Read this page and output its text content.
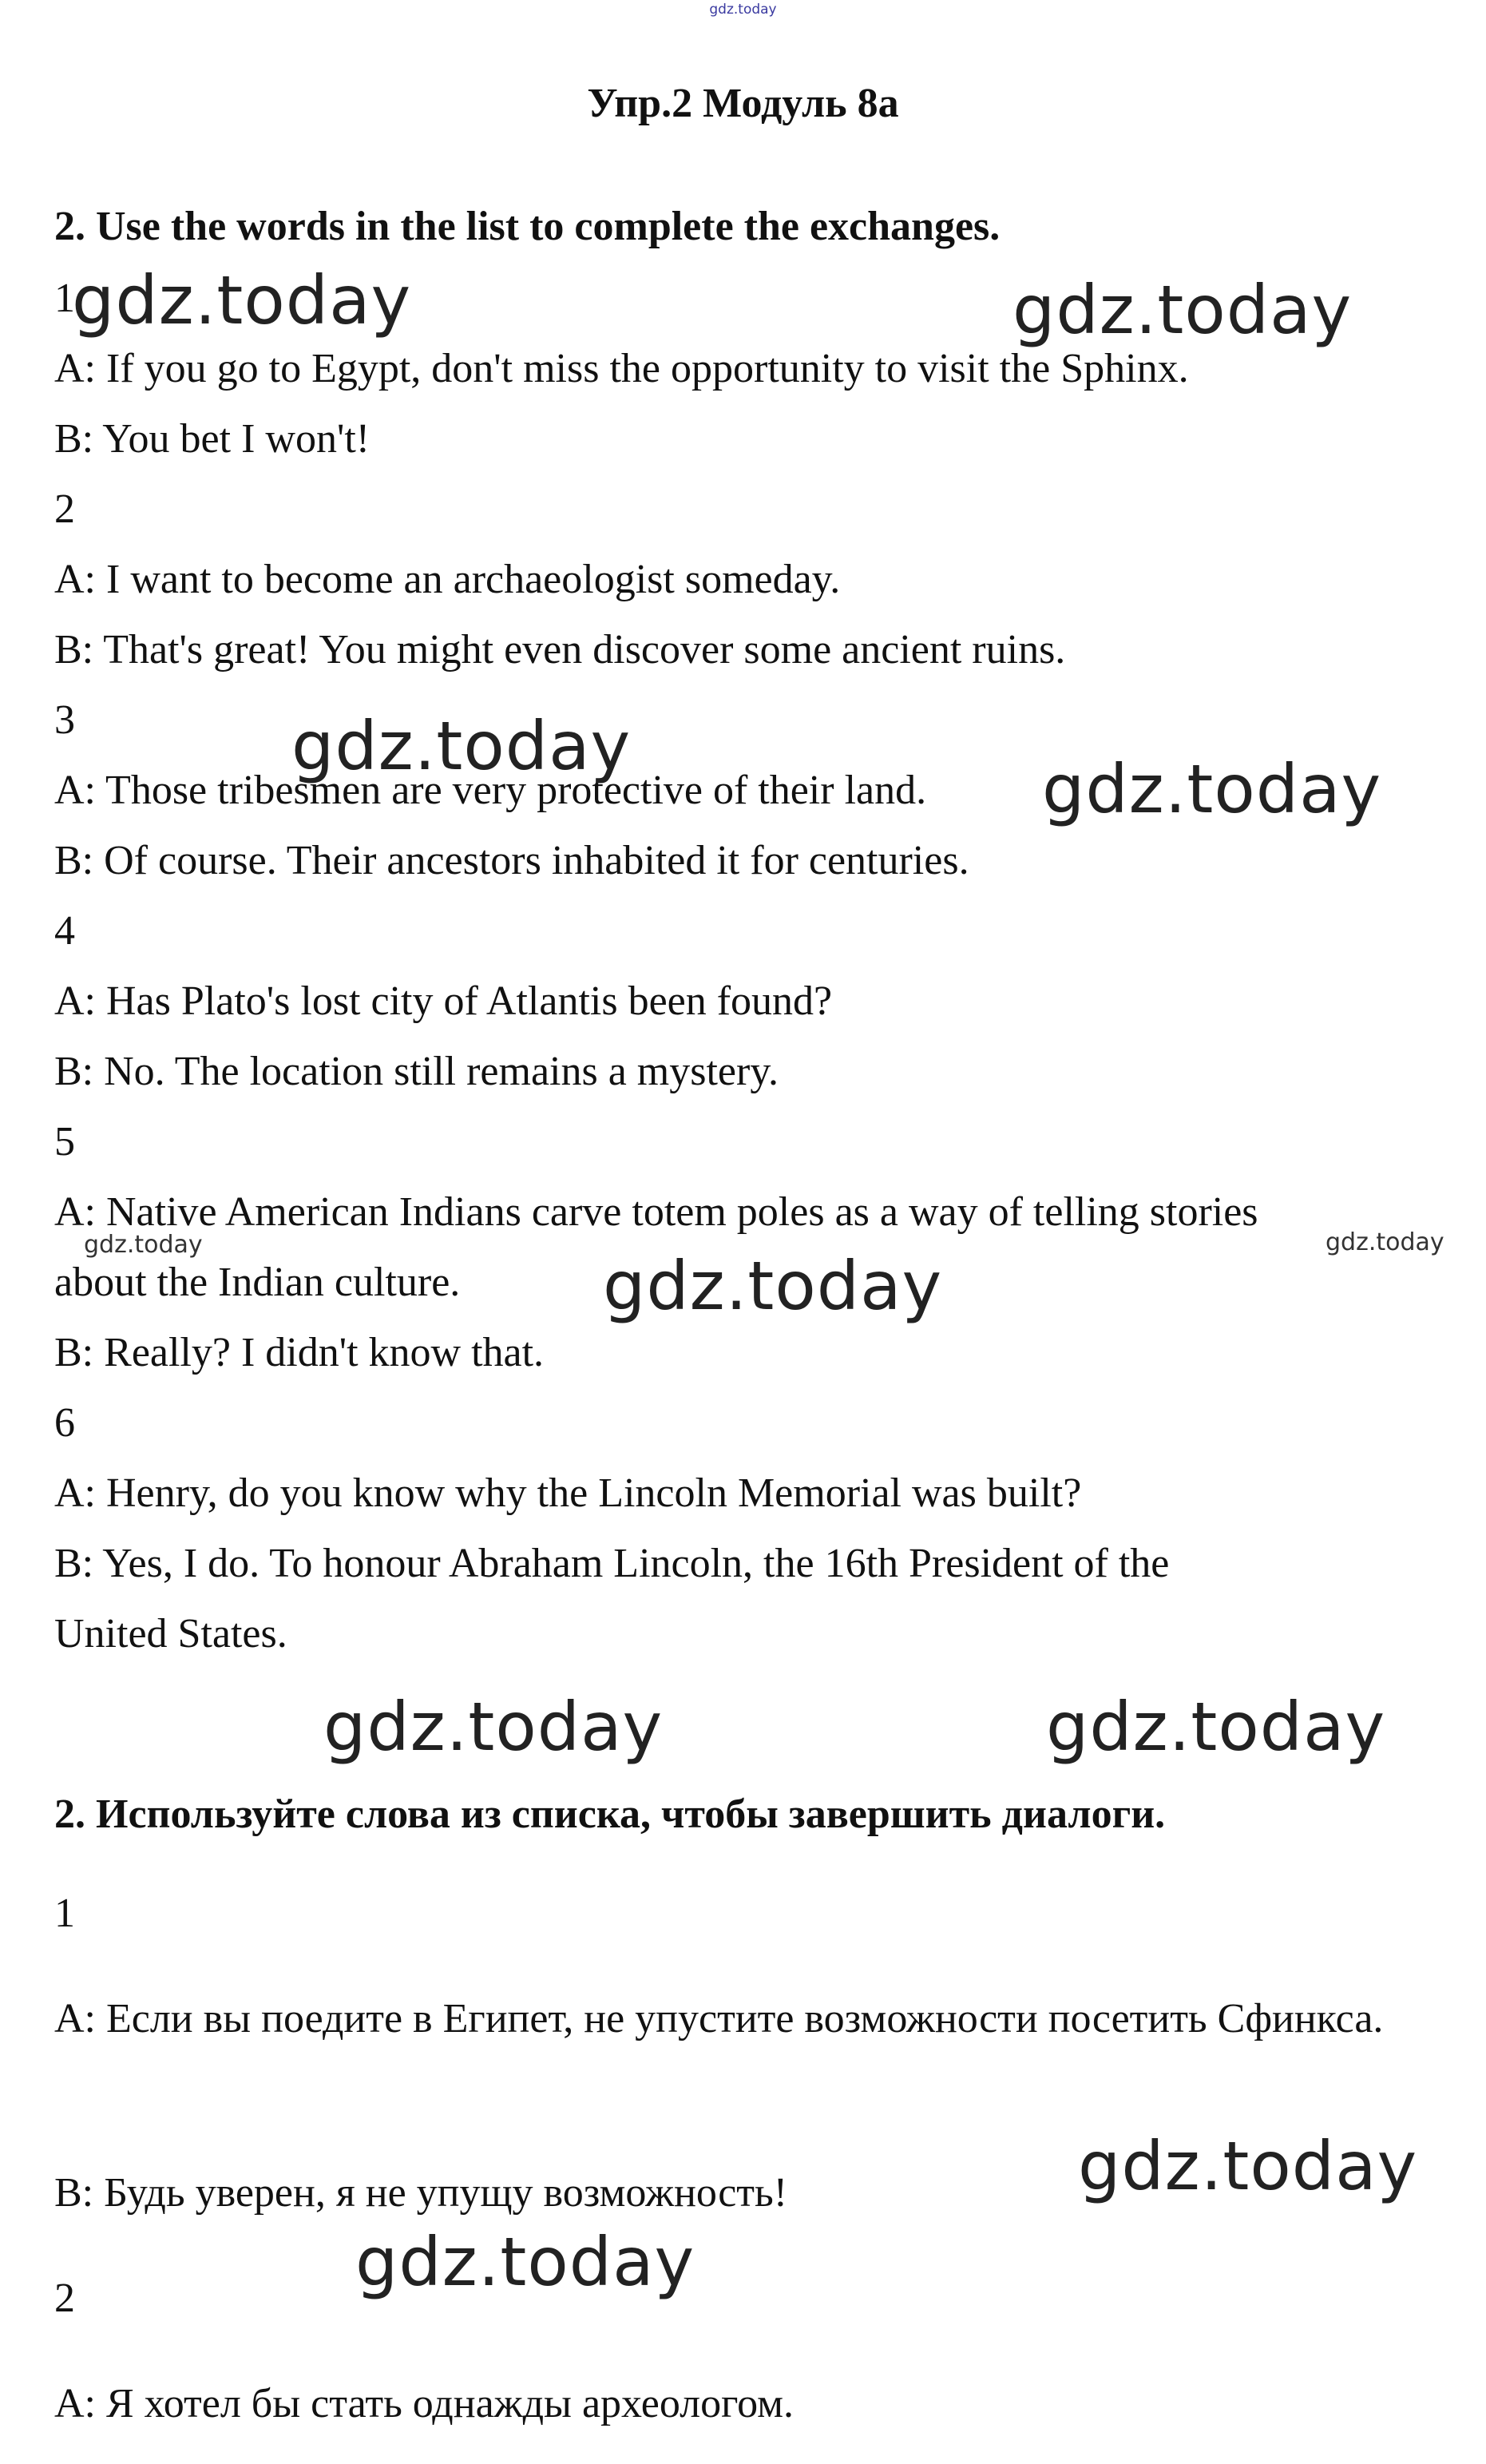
gdz.today
Упр.2 Модуль 8а
2. Use the words in the list to complete the exchanges.
1
A: If you go to Egypt, don't miss the opportunity to visit the Sphinx.
B: You bet I won't!
2
A: I want to become an archaeologist someday.
B: That's great! You might even discover some ancient ruins.
3
A: Those tribesmen are very protective of their land.
B: Of course. Their ancestors inhabited it for centuries.
4
A: Has Plato's lost city of Atlantis been found?
B: No. The location still remains a mystery.
5
A: Native American Indians carve totem poles as a way of telling stories
about the Indian culture.
B: Really? I didn't know that.
6
A: Henry, do you know why the Lincoln Memorial was built?
B: Yes, I do. To honour Abraham Lincoln, the 16th President of the
United States.
2. Используйте слова из списка, чтобы завершить диалоги.
1
А: Если вы поедите в Египет, не упустите возможности посетить Сфинкса.
В: Будь уверен, я не упущу возможность!
2
А: Я хотел бы стать однажды археологом.
gdz.today	gdz.today
gdz.today
gdz.today
gdz.today	gdz.today
gdz.today
gdz.today	gdz.today
gdz.today
gdz.today
